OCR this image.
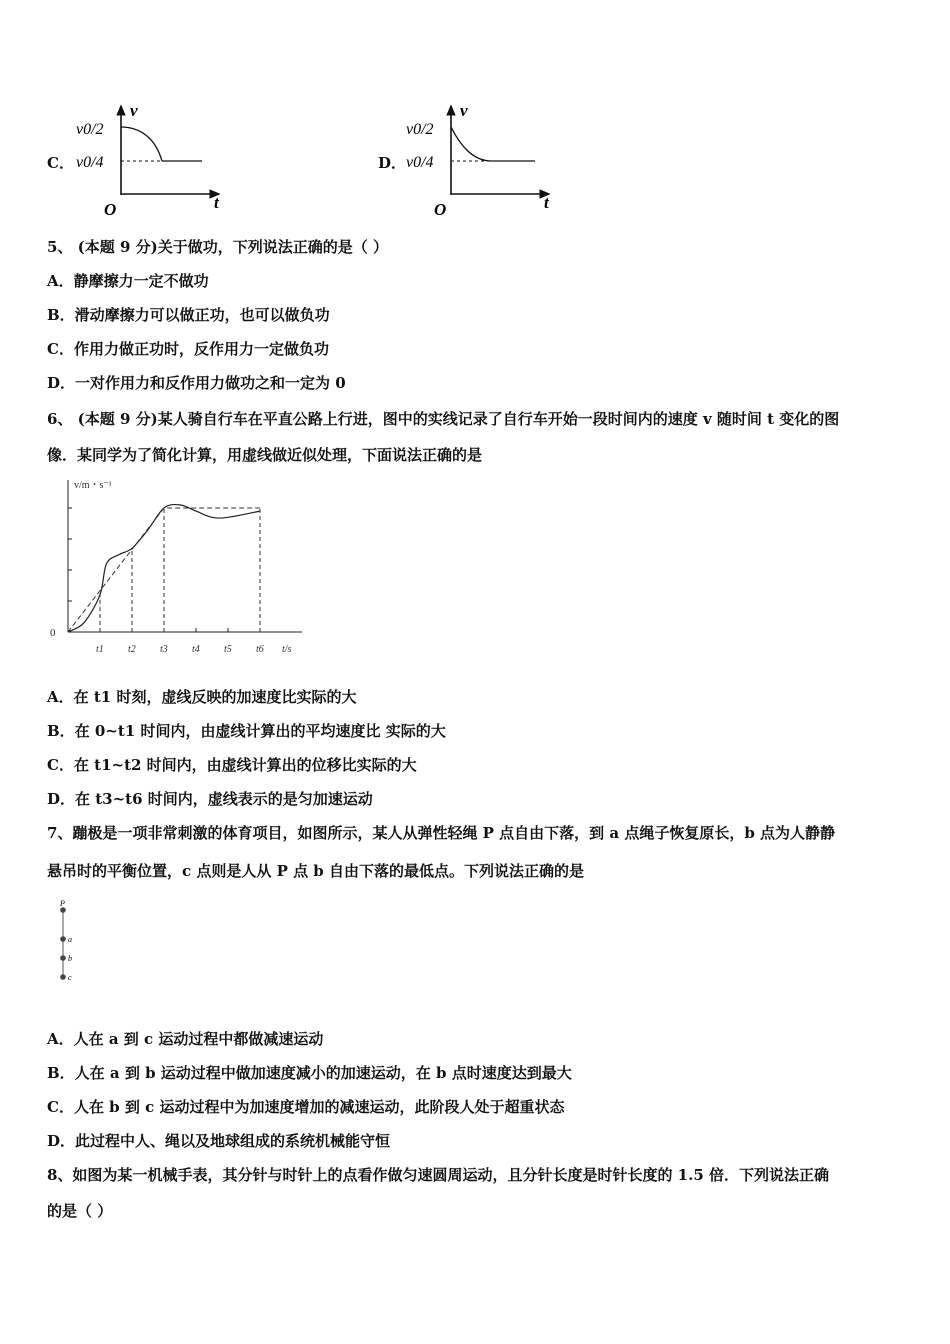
C．
v0/2
v0/4
v
t
O
D．
v0/2
v0/4
v
t
O
5、 (本题 9 分)关于做功，下列说法正确的是（ ）
A．静摩擦力一定不做功
B．滑动摩擦力可以做正功，也可以做负功
C．作用力做正功时，反作用力一定做负功
D．一对作用力和反作用力做功之和一定为 0
6、 (本题 9 分)某人骑自行车在平直公路上行进，图中的实线记录了自行车开始一段时间内的速度 v 随时间 t 变化的图
像．某同学为了简化计算，用虚线做近似处理，下面说法正确的是
t1 t2 t3 t4 t5 t6
v/m・s⁻¹
t/s
0
A．在 t1 时刻，虚线反映的加速度比实际的大
B．在 0~t1 时间内，由虚线计算出的平均速度比 实际的大
C．在 t1~t2 时间内，由虚线计算出的位移比实际的大
D．在 t3~t6 时间内，虚线表示的是匀加速运动
7、蹦极是一项非常刺激的体育项目，如图所示，某人从弹性轻绳 P 点自由下落，到 a 点绳子恢复原长，b 点为人静静
悬吊时的平衡位置，c 点则是人从 P 点 b 自由下落的最低点。下列说法正确的是
P
a
b
c
A．人在 a 到 c 运动过程中都做减速运动
B．人在 a 到 b 运动过程中做加速度减小的加速运动，在 b 点时速度达到最大
C．人在 b 到 c 运动过程中为加速度增加的减速运动，此阶段人处于超重状态
D．此过程中人、绳以及地球组成的系统机械能守恒
8、如图为某一机械手表，其分针与时针上的点看作做匀速圆周运动，且分针长度是时针长度的 1.5 倍．下列说法正确
的是（ ）
